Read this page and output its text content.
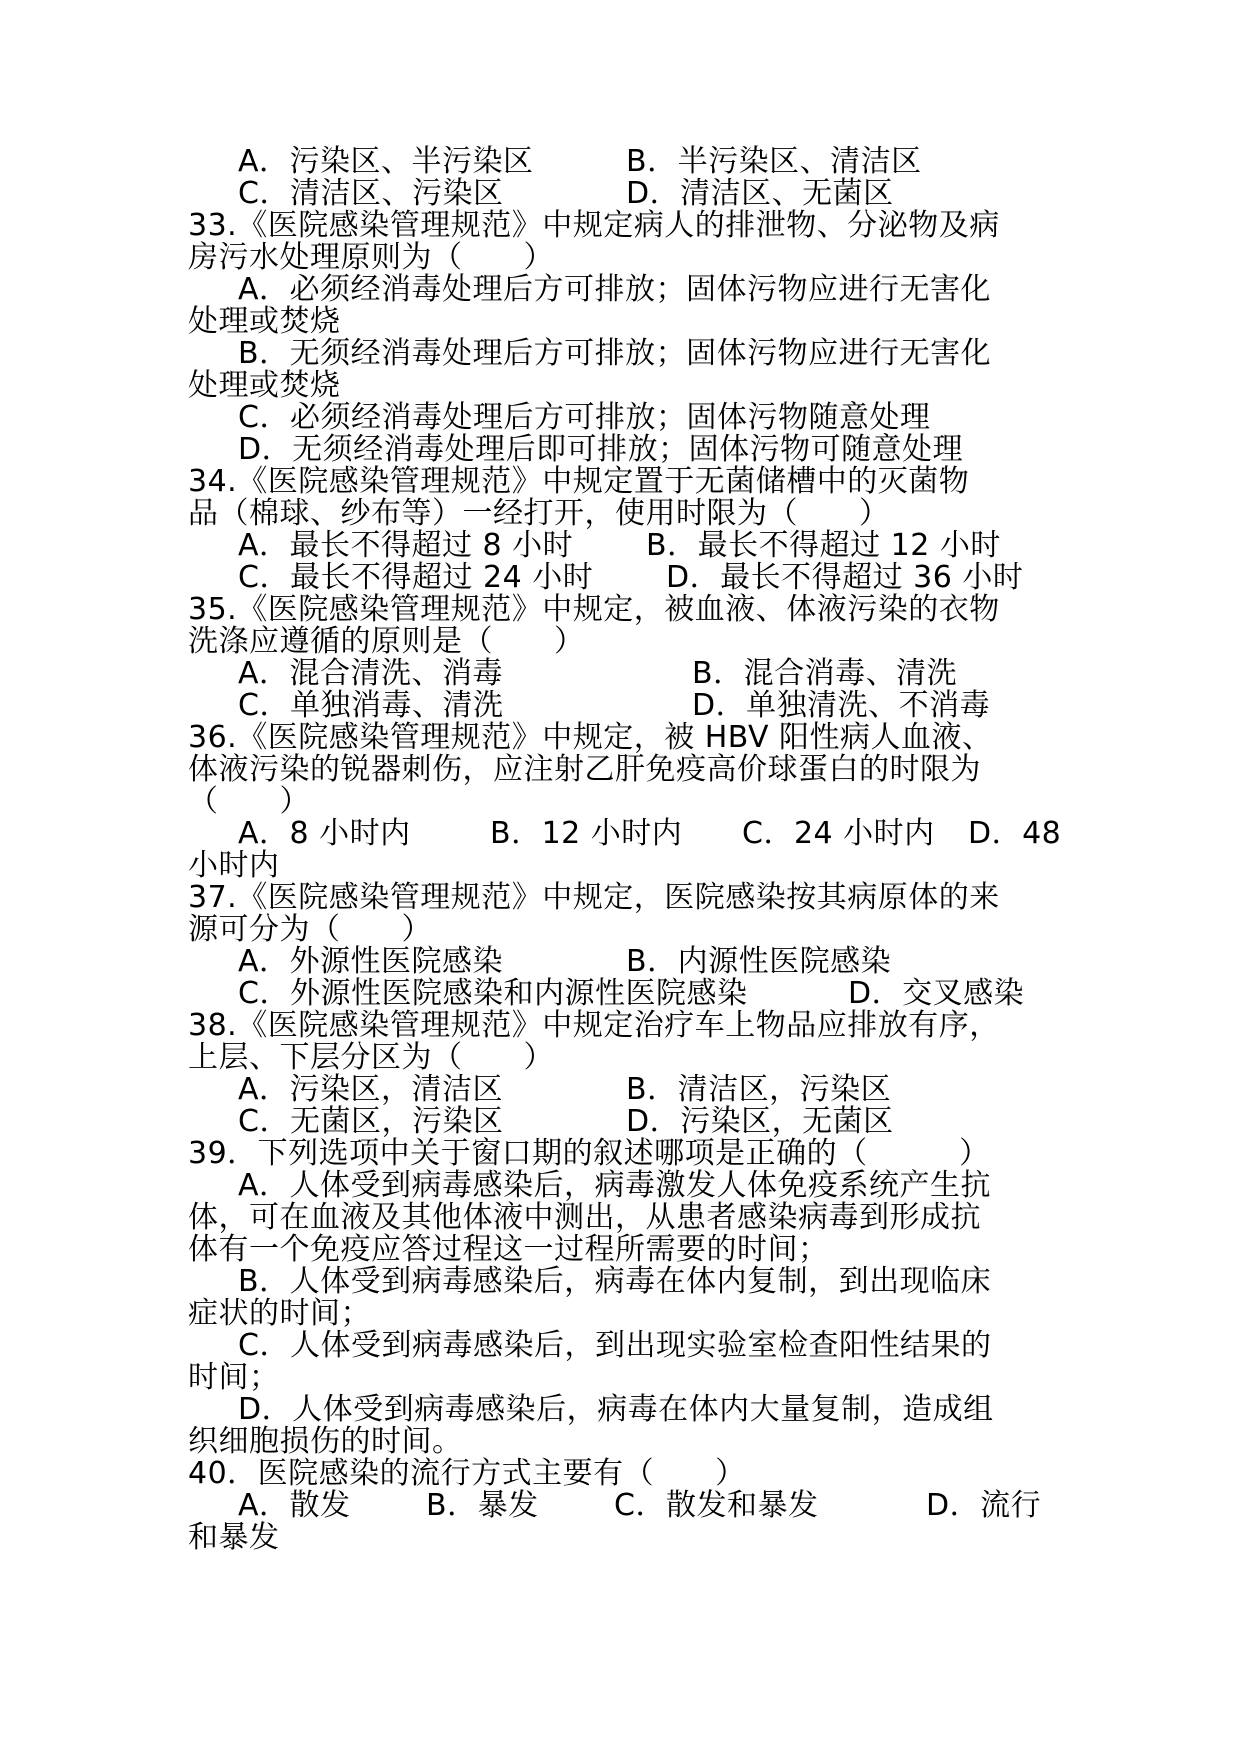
A．污染区、半污染区	B．半污染区、清洁区
C．清洁区、污染区	D．清洁区、无菌区
33.《医院感染管理规范》中规定病人的排泄物、分泌物及病
房污水处理原则为（　　）
A．必须经消毒处理后方可排放；固体污物应进行无害化
处理或焚烧
B．无须经消毒处理后方可排放；固体污物应进行无害化
处理或焚烧
C．必须经消毒处理后方可排放；固体污物随意处理
D．无须经消毒处理后即可排放；固体污物可随意处理
34.《医院感染管理规范》中规定置于无菌储槽中的灭菌物
品（棉球、纱布等）一经打开，使用时限为（　　）
A．最长不得超过 8 小时 B．最长不得超过 12 小时
C．最长不得超过 24 小时 D．最长不得超过 36 小时
35.《医院感染管理规范》中规定，被血液、体液污染的衣物
洗涤应遵循的原则是（　　）
A．混合清洗、消毒	B．混合消毒、清洗
C．单独消毒、清洗	D．单独清洗、不消毒
36.《医院感染管理规范》中规定，被 HBV 阳性病人血液、
体液污染的锐器刺伤，应注射乙肝免疫高价球蛋白的时限为
（　　）
A．8 小时内	B．12 小时内 C．24 小时内 D．48
小时内
37.《医院感染管理规范》中规定，医院感染按其病原体的来
源可分为（　　）
A．外源性医院感染	B．内源性医院感染
C．外源性医院感染和内源性医院感染	D．交叉感染
38.《医院感染管理规范》中规定治疗车上物品应排放有序，
上层、下层分区为（　　）
A．污染区，清洁区	B．清洁区，污染区
C．无菌区，污染区	D．污染区，无菌区
39．下列选项中关于窗口期的叙述哪项是正确的（　　　）
A．人体受到病毒感染后，病毒激发人体免疫系统产生抗
体，可在血液及其他体液中测出，从患者感染病毒到形成抗
体有一个免疫应答过程这一过程所需要的时间；
B．人体受到病毒感染后，病毒在体内复制，到出现临床
症状的时间；
C．人体受到病毒感染后，到出现实验室检查阳性结果的
时间；
D．人体受到病毒感染后，病毒在体内大量复制，造成组
织细胞损伤的时间。
40．医院感染的流行方式主要有（　　）
A．散发	B．暴发	C．散发和暴发	D．流行
和暴发
